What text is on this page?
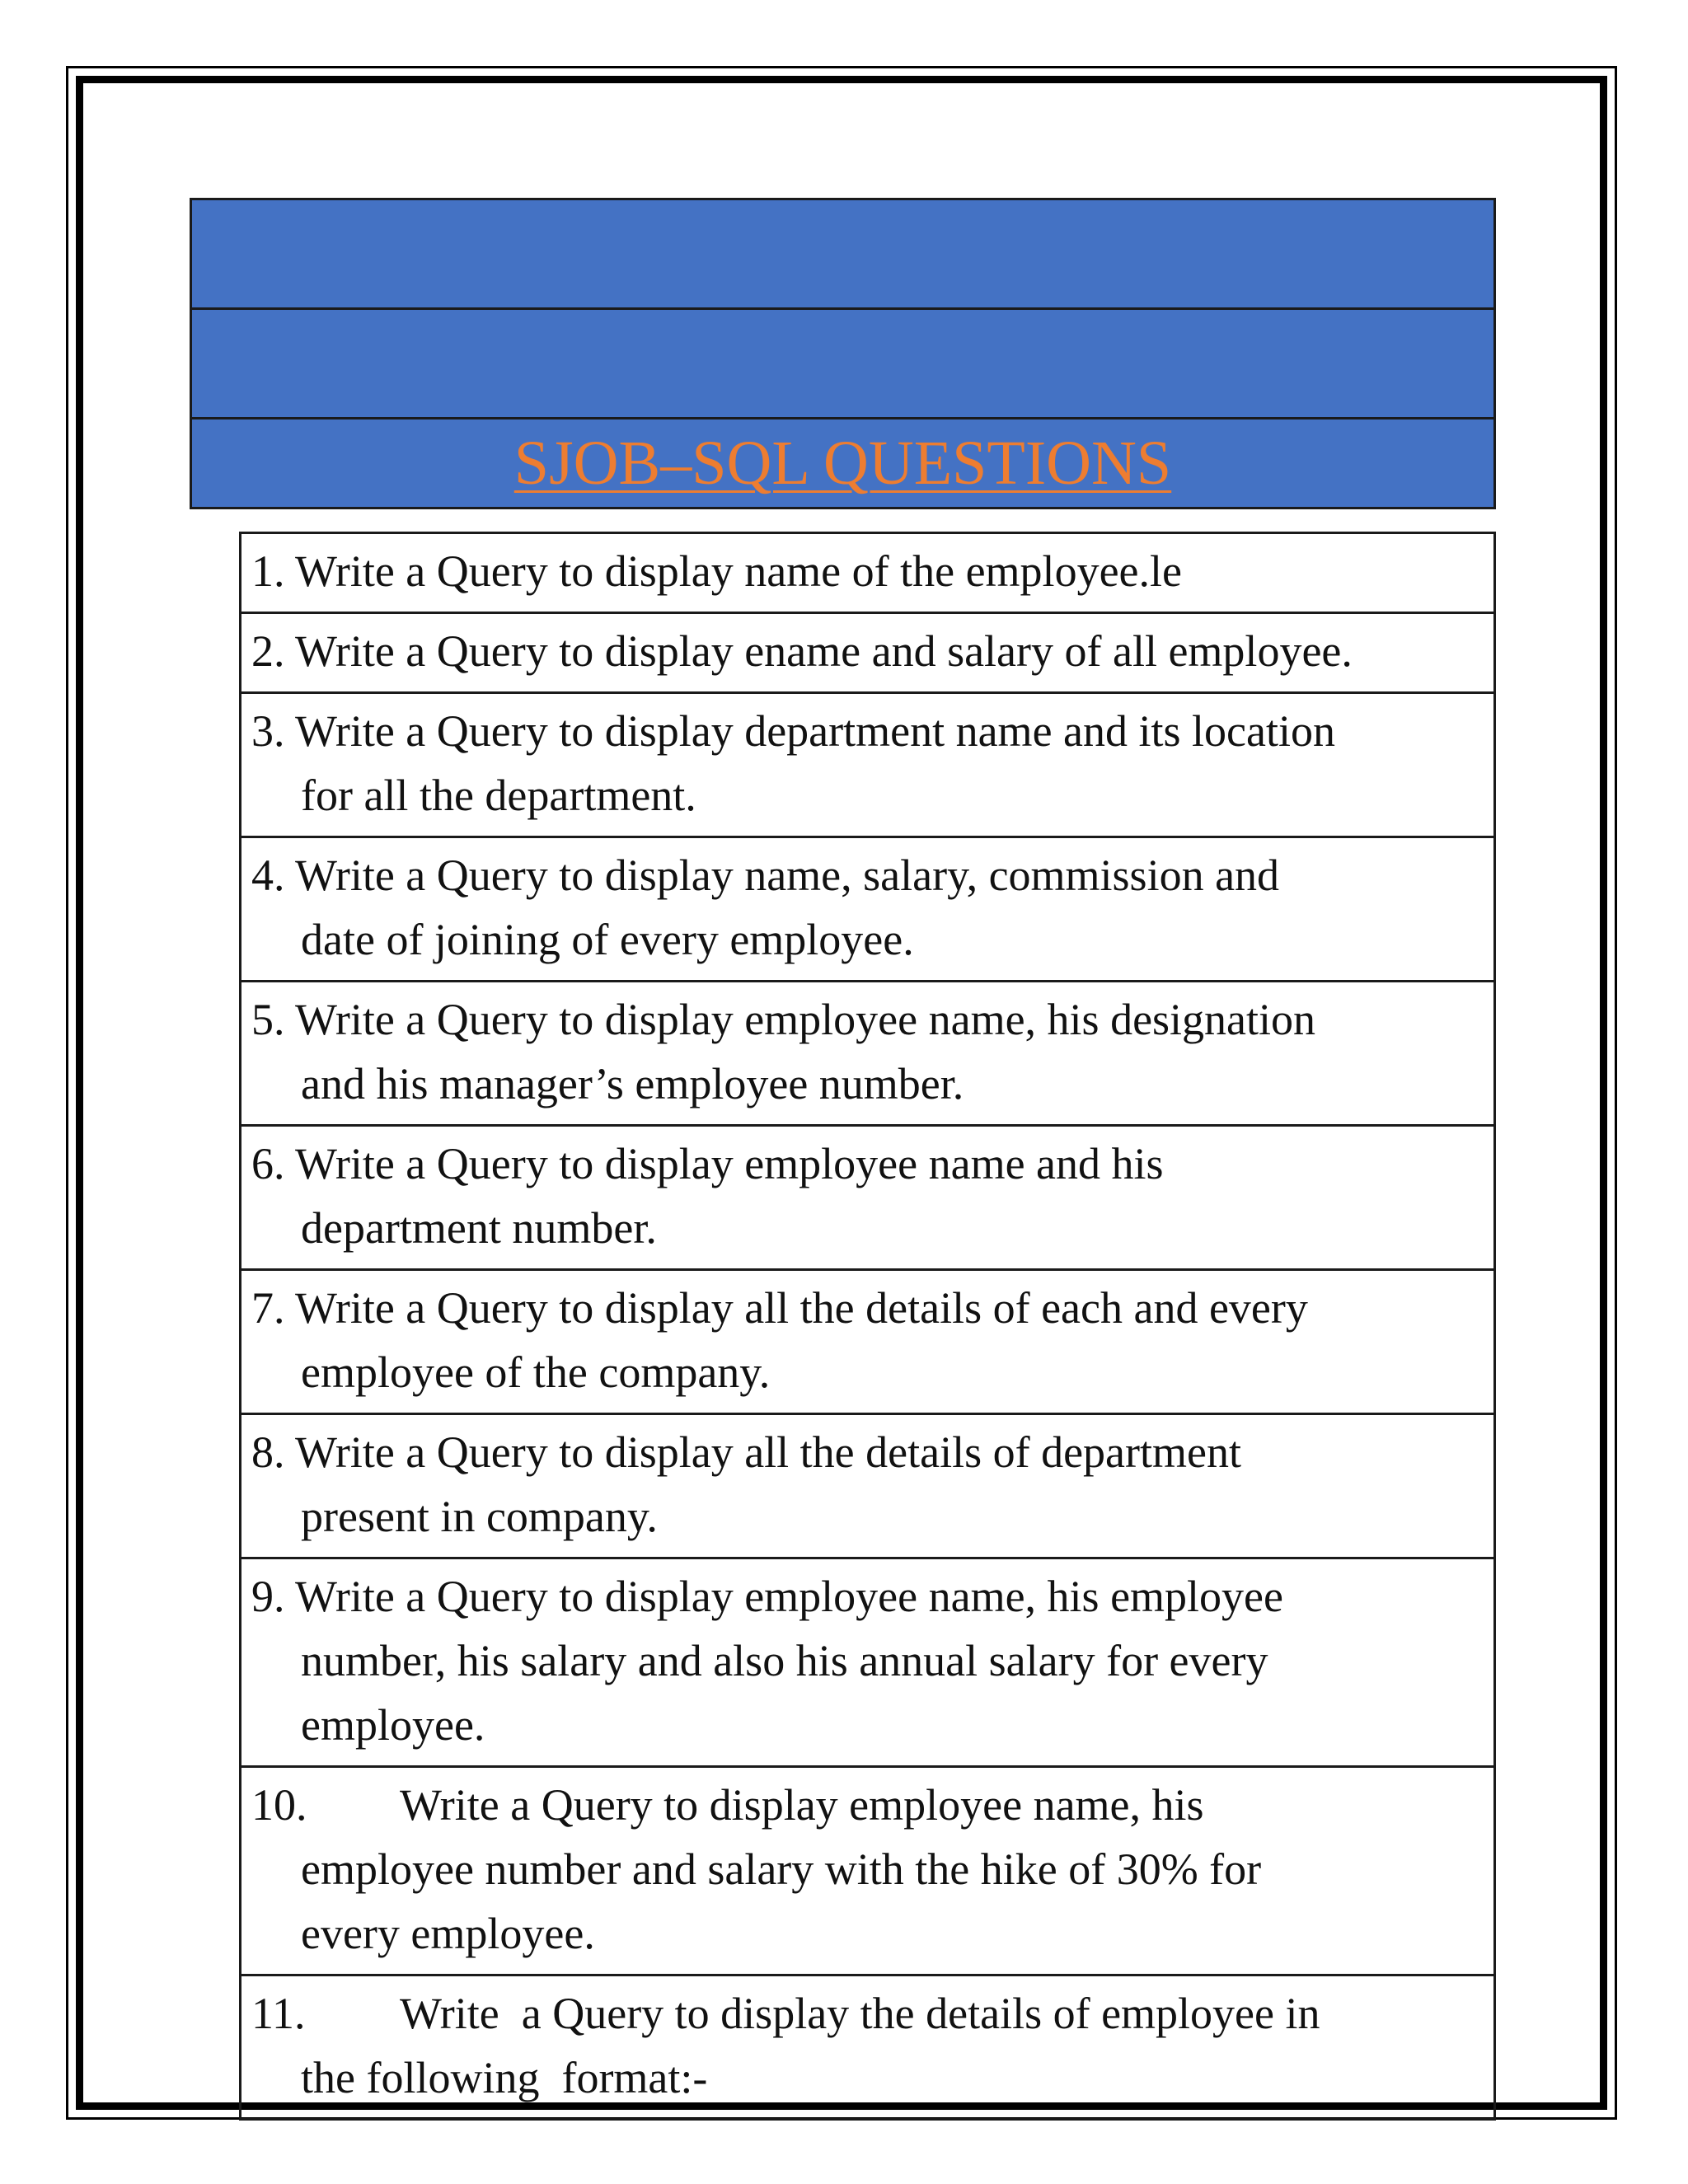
SJOB–SQL QUESTIONS
1. Write a Query to display name of the employee.le
2. Write a Query to display ename and salary of all employee.
3. Write a Query to display department name and its location
for all the department.
4. Write a Query to display name, salary, commission and
date of joining of every employee.
5. Write a Query to display employee name, his designation
and his manager’s employee number.
6. Write a Query to display employee name and his
department number.
7. Write a Query to display all the details of each and every
employee of the company.
8. Write a Query to display all the details of department
present in company.
9. Write a Query to display employee name, his employee
number, his salary and also his annual salary for every
employee.
10. Write a Query to display employee name, his
employee number and salary with the hike of 30% for
every employee.
11. Write  a Query to display the details of employee in
the following  format:-
